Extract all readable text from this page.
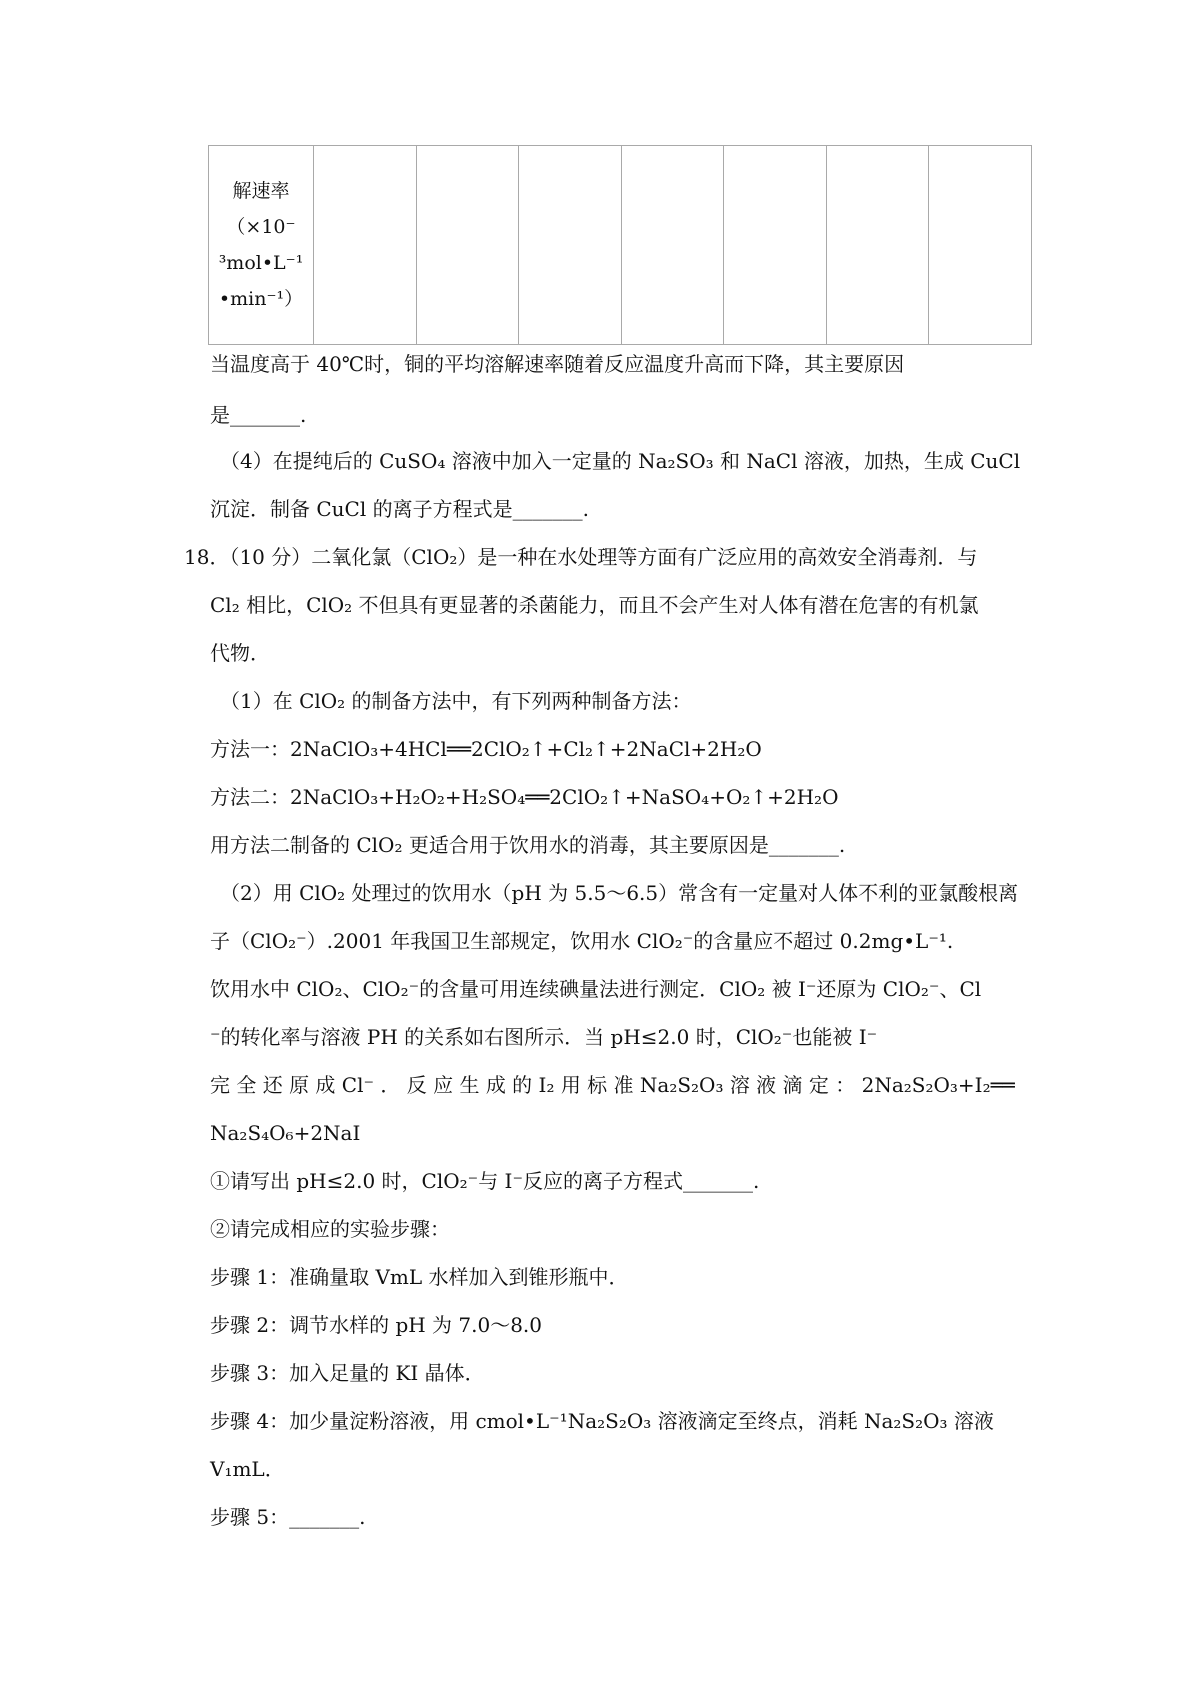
解速率
（×10⁻
³mol•L⁻¹
•min⁻¹）

当温度高于 40℃时，铜的平均溶解速率随着反应温度升高而下降，其主要原因
是_______.
（4）在提纯后的 CuSO₄ 溶液中加入一定量的 Na₂SO₃ 和 NaCl 溶液，加热，生成 CuCl
沉淀．制备 CuCl 的离子方程式是_______.
18．（10 分）二氧化氯（ClO₂）是一种在水处理等方面有广泛应用的高效安全消毒剂．与
Cl₂ 相比，ClO₂ 不但具有更显著的杀菌能力，而且不会产生对人体有潜在危害的有机氯
代物．
（1）在 ClO₂ 的制备方法中，有下列两种制备方法：
方法一：2NaClO₃+4HCl══2ClO₂↑+Cl₂↑+2NaCl+2H₂O
方法二：2NaClO₃+H₂O₂+H₂SO₄══2ClO₂↑+NaSO₄+O₂↑+2H₂O
用方法二制备的 ClO₂ 更适合用于饮用水的消毒，其主要原因是_______.
（2）用 ClO₂ 处理过的饮用水（pH 为 5.5～6.5）常含有一定量对人体不利的亚氯酸根离
子（ClO₂⁻）.2001 年我国卫生部规定，饮用水 ClO₂⁻的含量应不超过 0.2mg•L⁻¹.
饮用水中 ClO₂、ClO₂⁻的含量可用连续碘量法进行测定．ClO₂ 被 I⁻还原为 ClO₂⁻、Cl
⁻的转化率与溶液 PH 的关系如右图所示．当 pH≤2.0 时，ClO₂⁻也能被 I⁻
完 全 还 原 成 Cl⁻ ． 反 应 生 成 的 I₂ 用 标 准 Na₂S₂O₃ 溶 液 滴 定 ： 2Na₂S₂O₃+I₂══
Na₂S₄O₆+2NaI
①请写出 pH≤2.0 时，ClO₂⁻与 I⁻反应的离子方程式_______.
②请完成相应的实验步骤：
步骤 1：准确量取 VmL 水样加入到锥形瓶中．
步骤 2：调节水样的 pH 为 7.0～8.0
步骤 3：加入足量的 KI 晶体．
步骤 4：加少量淀粉溶液，用 cmol•L⁻¹Na₂S₂O₃ 溶液滴定至终点，消耗 Na₂S₂O₃ 溶液
V₁mL．
步骤 5：_______.
